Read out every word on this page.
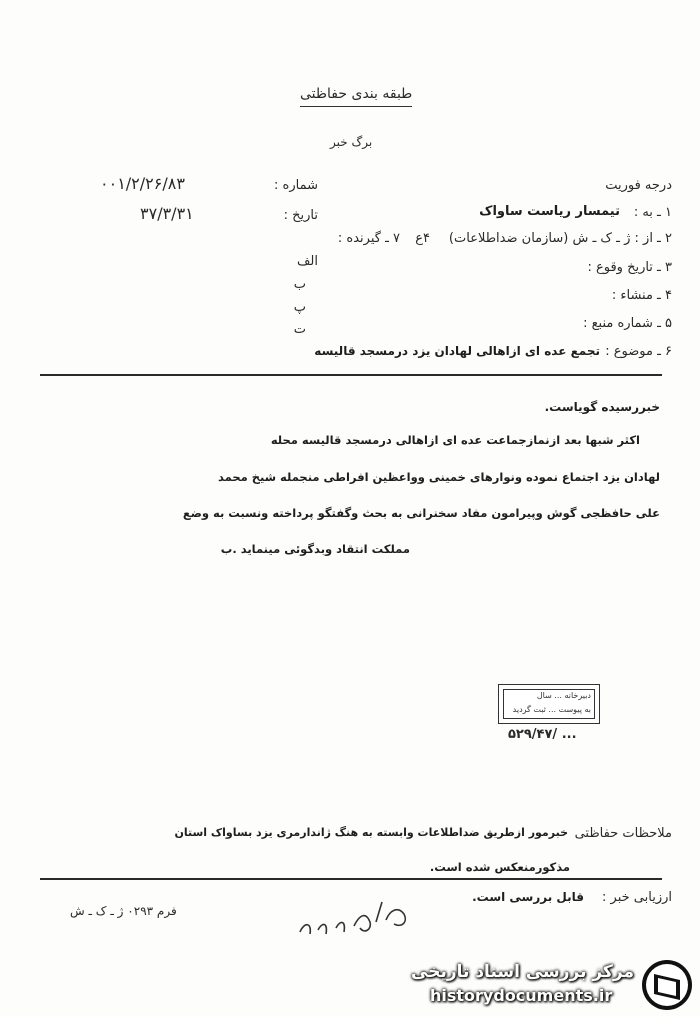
طبقه بندی حفاظتی
برگ خبر
درجه فوریت
شماره :
۰۰۱/۲/۲۶/۸۳
تاریخ :
۳۷/۳/۳۱	۱ ـ به :
تیمسار ریاست ساواک
۲ ـ از : ژ ـ ک ـ ش (سازمان ضداطلاعات)
۴ع
۷ ـ گیرنده :
۳ ـ تاریخ وقوع :
الف
ب
پ
ت
۴ ـ منشاء :
۵ ـ شماره منبع :
۶ ـ موضوع :
تجمع عده ای ازاهالی لهادان یزد درمسجد قالیسه
خبررسیده گویاست.
اکثر شبها بعد ازنمازجماعت عده ای ازاهالی درمسجد قالیسه محله
لهادان یزد اجتماع نموده ونوارهای خمینی وواعظین افراطی منجمله شیخ محمد
علی حافظجی گوش وپیرامون مفاد سخنرانی به بحث وگفتگو پرداخته ونسبت به وضع
مملکت انتقاد وبدگوئی مینماید .ب
دبیرخانه ... سال
به پیوست ... ثبت گردید
۵۲۹/۴۷/ ...
ملاحظات حفاظتی
خبرمور ازطریق ضداطلاعات وابسته به هنگ ژاندارمری یزد بساواک استان
مذکورمنعکس شده است.
ارزیابی خبر :
قابل بررسی است.
فرم ۰۲۹۳ ژ ـ ک ـ ش
مرکز بررسی اسناد تاریخی
historydocuments.ir
